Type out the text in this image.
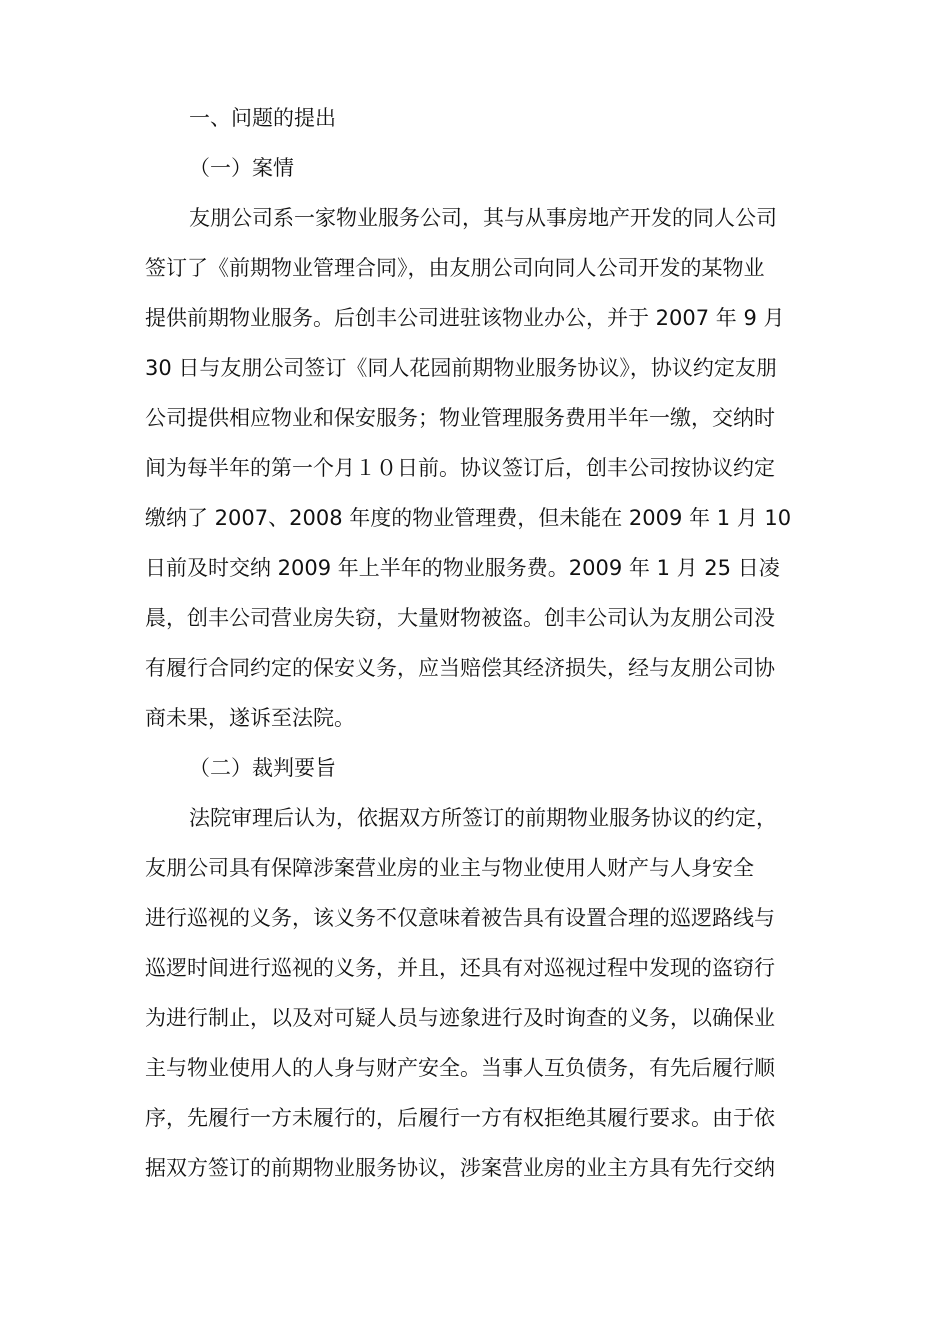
一、问题的提出
（一）案情
友朋公司系一家物业服务公司，其与从事房地产开发的同人公司
签订了《前期物业管理合同》，由友朋公司向同人公司开发的某物业
提供前期物业服务。后创丰公司进驻该物业办公，并于 2007 年 9 月
30 日与友朋公司签订《同人花园前期物业服务协议》，协议约定友朋
公司提供相应物业和保安服务；物业管理服务费用半年一缴，交纳时
间为每半年的第一个月１０日前。协议签订后，创丰公司按协议约定
缴纳了 2007、2008 年度的物业管理费，但未能在 2009 年 1 月 10
日前及时交纳 2009 年上半年的物业服务费。2009 年 1 月 25 日凌
晨，创丰公司营业房失窃，大量财物被盗。创丰公司认为友朋公司没
有履行合同约定的保安义务，应当赔偿其经济损失，经与友朋公司协
商未果，遂诉至法院。
（二）裁判要旨
法院审理后认为，依据双方所签订的前期物业服务协议的约定，
友朋公司具有保障涉案营业房的业主与物业使用人财产与人身安全
进行巡视的义务，该义务不仅意味着被告具有设置合理的巡逻路线与
巡逻时间进行巡视的义务，并且，还具有对巡视过程中发现的盗窃行
为进行制止，以及对可疑人员与迹象进行及时询查的义务，以确保业
主与物业使用人的人身与财产安全。当事人互负债务，有先后履行顺
序，先履行一方未履行的，后履行一方有权拒绝其履行要求。由于依
据双方签订的前期物业服务协议，涉案营业房的业主方具有先行交纳
